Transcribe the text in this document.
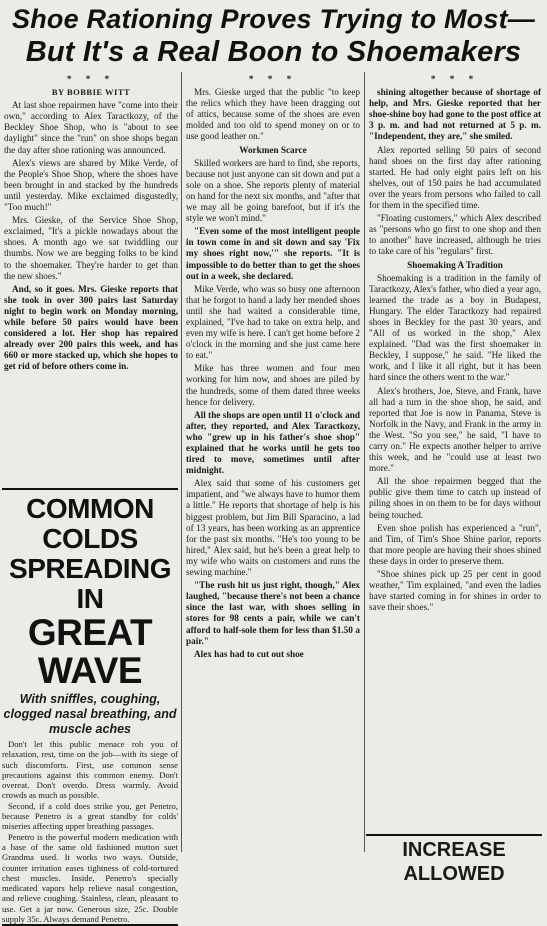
Shoe Rationing Proves Trying to Most—
But It's a Real Boon to Shoemakers

* * *

BY BOBBIE WITT

At last shoe repairmen have "come into their own," according to Alex Taractkozy, of the Beckley Shoe Shop, who is "about to see daylight" since the "run" on shoe shops began the day after shoe rationing was announced.

Alex's views are shared by Mike Verde, of the People's Shoe Shop, where the shoes have been brought in and stacked by the hundreds until yesterday. Mike exclaimed disgustedly, "Too much!"

Mrs. Gieske, of the Service Shoe Shop, exclaimed, "It's a pickle nowadays about the shoes. A month ago we sat twiddling our thumbs. Now we are begging folks to be kind to the shoemaker. They're harder to get than the new shoes."

And, so it goes. Mrs. Gieske reports that she took in over 300 pairs last Saturday night to begin work on Monday morning, while before 50 pairs would have been considered a lot. Her shop has repaired already over 200 pairs this week, and has 660 or more stacked up, which she hopes to get rid of before others come in.

COMMON COLDS
SPREADING IN
GREAT WAVE
With sniffles, coughing, clogged nasal breathing, and muscle aches

Don't let this public menace rob you of relaxation, rest, time on the job—with its siege of such discomforts. First, use common sense precautions against this common enemy. Don't overeat. Don't overdo. Dress warmly. Avoid crowds as much as possible.

Second, if a cold does strike you, get Penetro, because Penetro is a great standby for colds' miseries affecting upper breathing passages.

Penetro is the powerful modern medication with a base of the same old fashioned mutton suet Grandma used. It works two ways. Outside, counter irritation eases tightness of cold-tortured chest muscles. Inside, Penetro's specially medicated vapors help relieve nasal congestion, and relieve coughing. Stainless, clean, pleasant to use. Get a jar now. Generous size, 25c. Double supply 35c. Always demand Penetro.

* * *

Mrs. Gieske urged that the public "to keep the relics which they have been dragging out of attics, because some of the shoes are even molded and too old to spend money on or to use good leather on."

Workmen Scarce

Skilled workers are hard to find, she reports, because not just anyone can sit down and put a sole on a shoe. She reports plenty of material on hand for the next six months, and "after that we may all be going barefoot, but if it's the style we won't mind."

"Even some of the most intelligent people in town come in and sit down and say 'Fix my shoes right now,'" she reports. "It is impossible to do better than to get the shoes out in a week, she declared.

Mike Verde, who was so busy one afternoon that he forgot to hand a lady her mended shoes until she had waited a considerable time, explained, "I've had to take on extra help, and even my wife is here. I can't get home before 2 o'clock in the morning and she just came here to eat."

Mike has three women and four men working for him now, and shoes are piled by the hundreds, some of them dated three weeks hence for delivery.

All the shops are open until 11 o'clock and after, they reported, and Alex Taractkozy, who "grew up in his father's shoe shop" explained that he works until he gets too tired to move, sometimes until after midnight.

Alex said that some of his customers get impatient, and "we always have to humor them a little." He reports that shortage of help is his biggest problem, but Jim Bill Sparacino, a lad of 13 years, has been working as an apprentice for the past six months. "He's too young to be hired," Alex said, but he's been a great help to my wife who waits on customers and runs the sewing machine."

"The rush hit us just right, though," Alex laughed, "because there's not been a chance since the last war, with shoes selling in stores for 98 cents a pair, while we can't afford to half-sole them for less than $1.50 a pair."

Alex has had to cut out shoe

* * *

shining altogether because of shortage of help, and Mrs. Gieske reported that her shoe-shine boy had gone to the post office at 3 p. m. and had not returned at 5 p. m. "Independent, they are," she smiled.

Alex reported selling 50 pairs of second hand shoes on the first day after rationing started. He had only eight pairs left on his shelves, out of 150 pairs he had accumulated over the years from persons who failed to call for them in the specified time.

"Floating customers," which Alex described as "persons who go first to one shop and then to another" have increased, although he tries to take care of his "regulars" first.

Shoemaking A Tradition

Shoemaking is a tradition in the family of Taractkozy, Alex's father, who died a year ago, learned the trade as a boy in Budapest, Hungary. The elder Taractkozy had repaired shoes in Beckley for the past 30 years, and "All of us worked in the shop," Alex explained. "Dad was the first shoemaker in Beckley, I suppose," he said. "He liked the work, and I like it all right, but it has been hard since the others went to the war."

Alex's brothers, Joe, Steve, and Frank, have all had a turn in the shoe shop, he said, and reported that Joe is now in Panama, Steve is Norfolk in the Navy, and Frank in the army in the West. "So you see," he said, "I have to carry on." He expects another helper to arrive this week, and he "could use at least two more."

All the shoe repairmen begged that the public give them time to catch up instead of piling shoes in on them to be for days without being touched.

Even shoe polish has experienced a "run", and Tim, of Tim's Shoe Shine parlor, reports that more people are having their shoes shined these days in order to preserve them.

"Shoe shines pick up 25 per cent in good weather," Tim explained, "and even the ladies have started coming in for shines in order to save their shoes."

INCREASE ALLOWED
